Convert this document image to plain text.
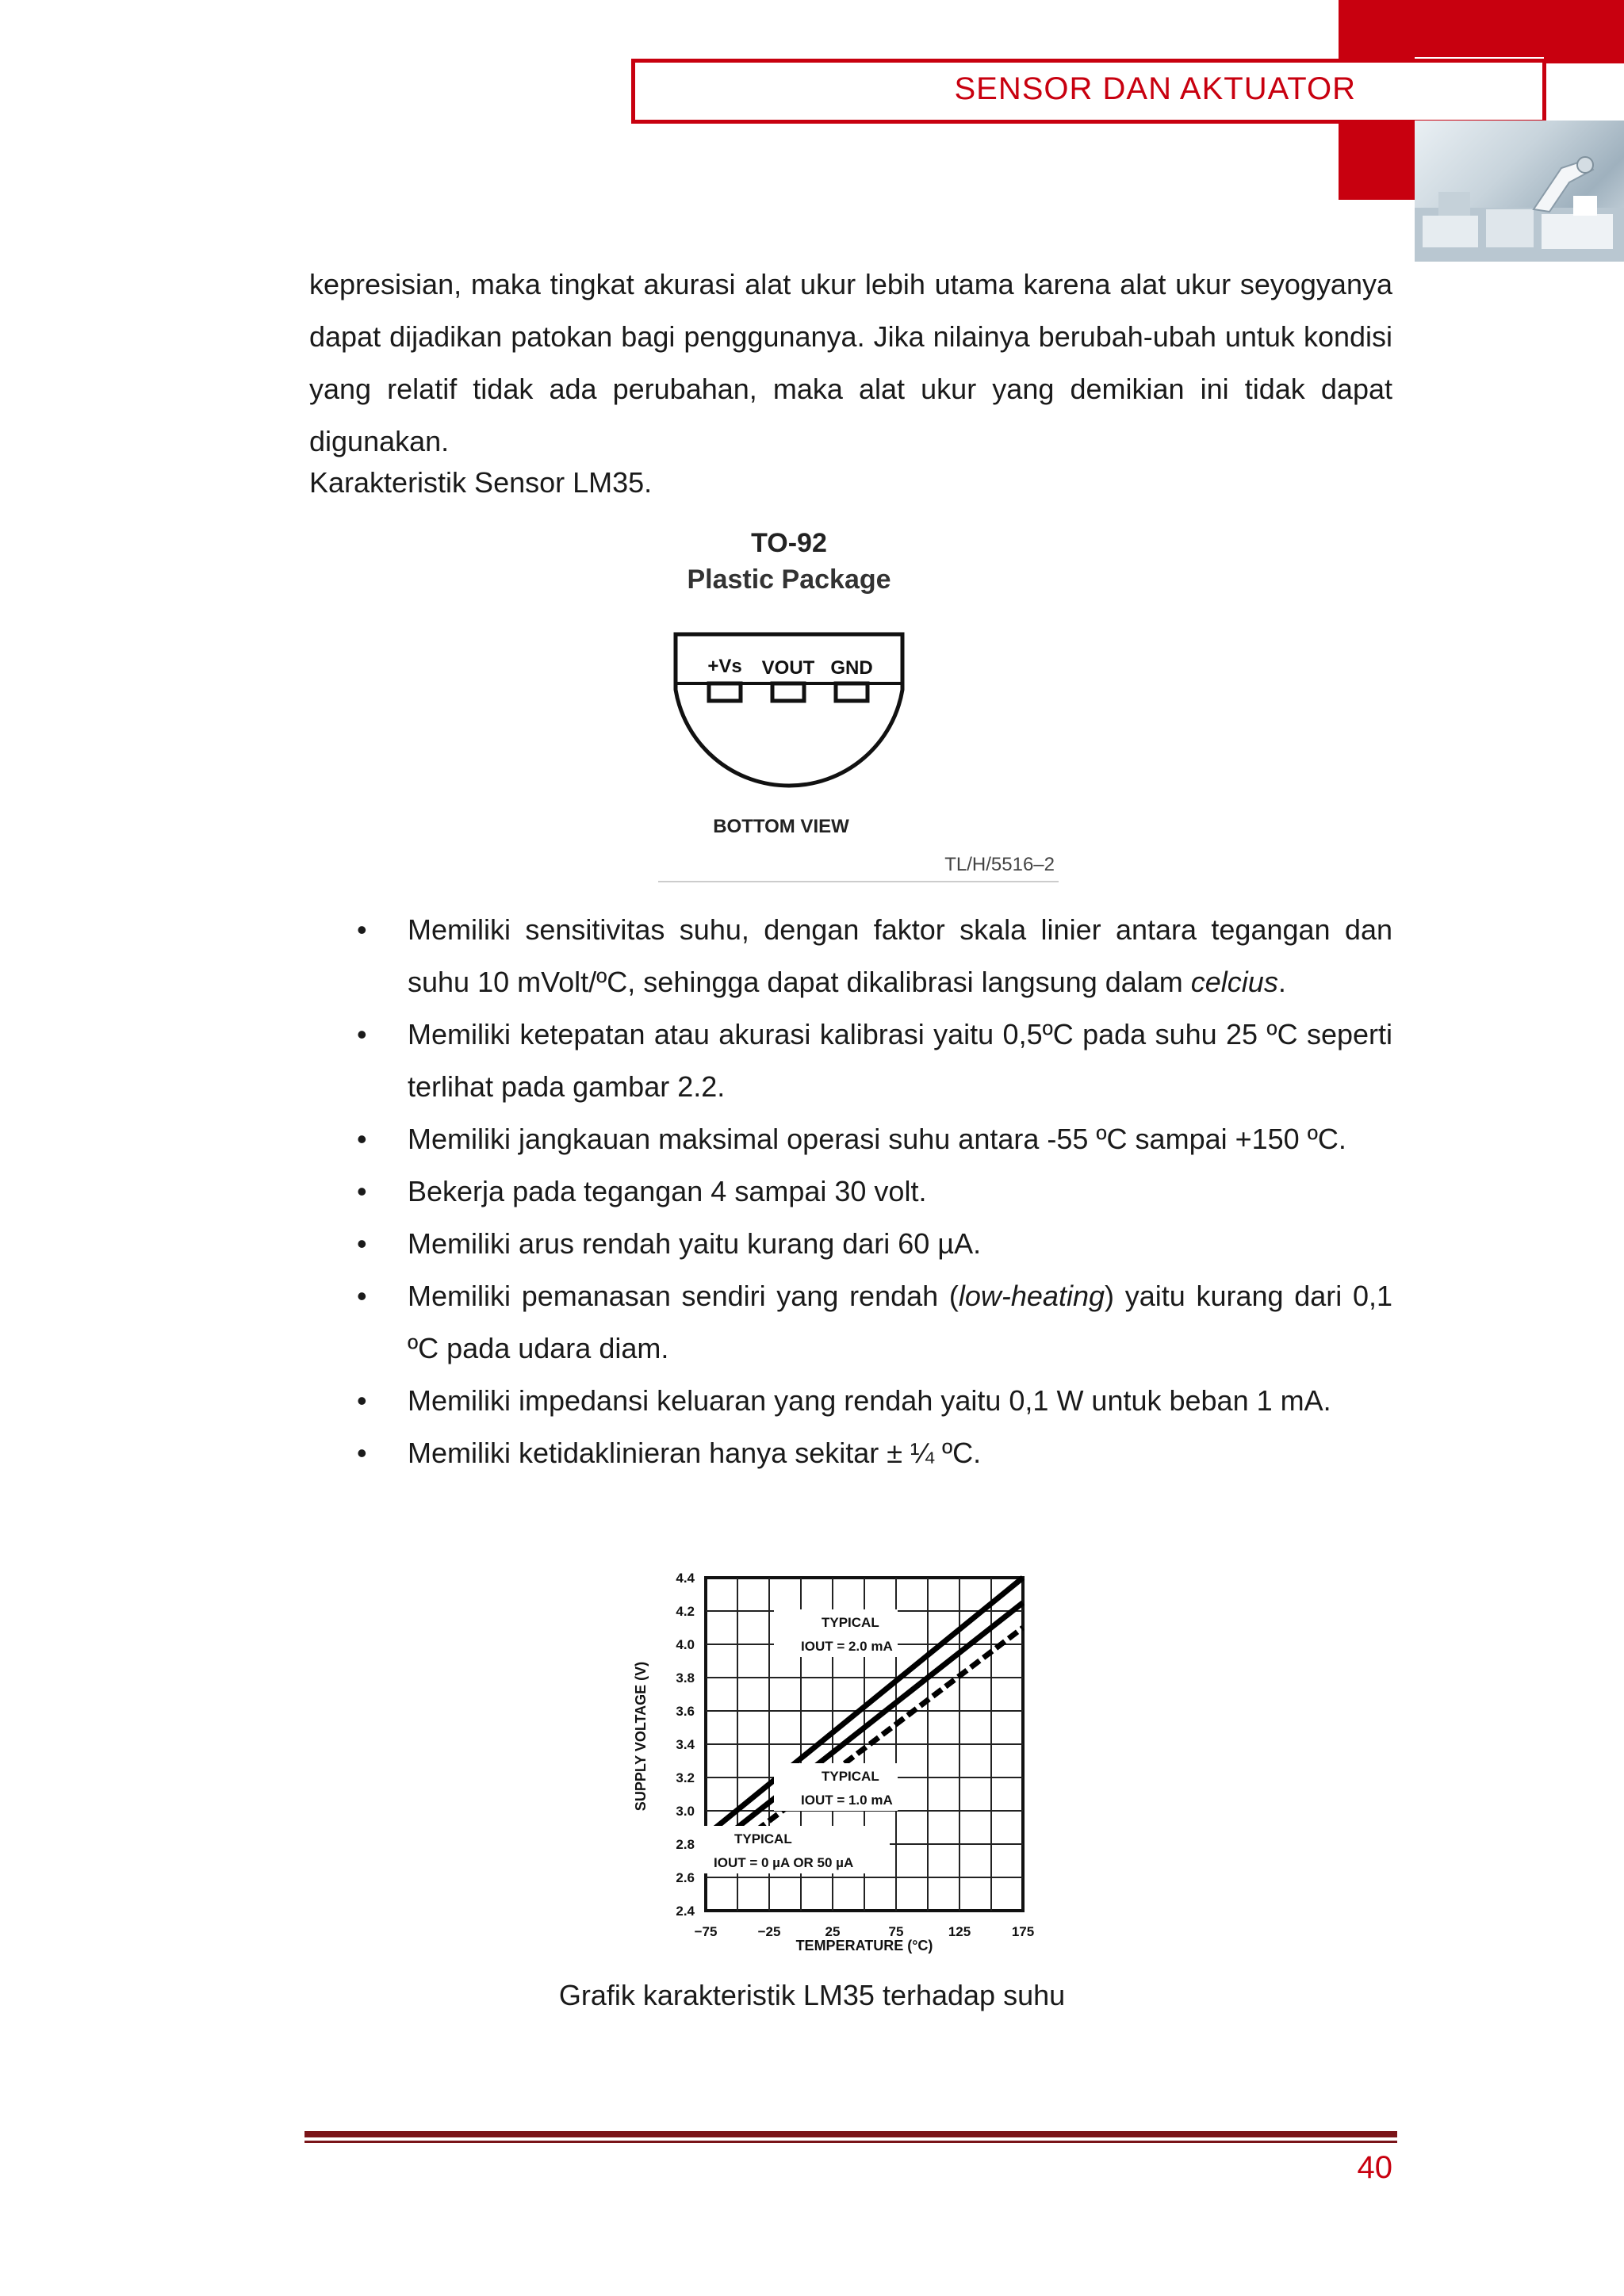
SENSOR DAN AKTUATOR

kepresisian, maka tingkat akurasi alat ukur lebih utama karena alat ukur seyogyanya dapat dijadikan patokan bagi penggunanya. Jika nilainya berubah-ubah untuk kondisi yang relatif tidak ada perubahan, maka alat ukur yang demikian ini tidak dapat digunakan.

Karakteristik Sensor LM35.
TO-92
Plastic Package
+Vs VOUT GND
BOTTOM VIEW
TL/H/5516–2
• Memiliki sensitivitas suhu, dengan faktor skala linier antara tegangan dan suhu 10 mVolt/ºC, sehingga dapat dikalibrasi langsung dalam celcius.
• Memiliki ketepatan atau akurasi kalibrasi yaitu 0,5ºC pada suhu 25 ºC seperti terlihat pada gambar 2.2.
• Memiliki jangkauan maksimal operasi suhu antara -55 ºC sampai +150 ºC.
• Bekerja pada tegangan 4 sampai 30 volt.
• Memiliki arus rendah yaitu kurang dari 60 µA.
• Memiliki pemanasan sendiri yang rendah (low-heating) yaitu kurang dari 0,1 ºC pada udara diam.
• Memiliki impedansi keluaran yang rendah yaitu 0,1 W untuk beban 1 mA.
• Memiliki ketidaklinieran hanya sekitar ± ¼ ºC.
TYPICAL
IOUT = 2.0 mA
TYPICAL
IOUT = 1.0 mA
TYPICAL
IOUT = 0 µA OR 50 µA
4.4
4.2
4.0
3.8
3.6
3.4
3.2
3.0
2.8
2.6
2.4
−75	−25	25	75	125	175
SUPPLY VOLTAGE (V)
TEMPERATURE (°C)
Grafik karakteristik LM35 terhadap suhu
40
